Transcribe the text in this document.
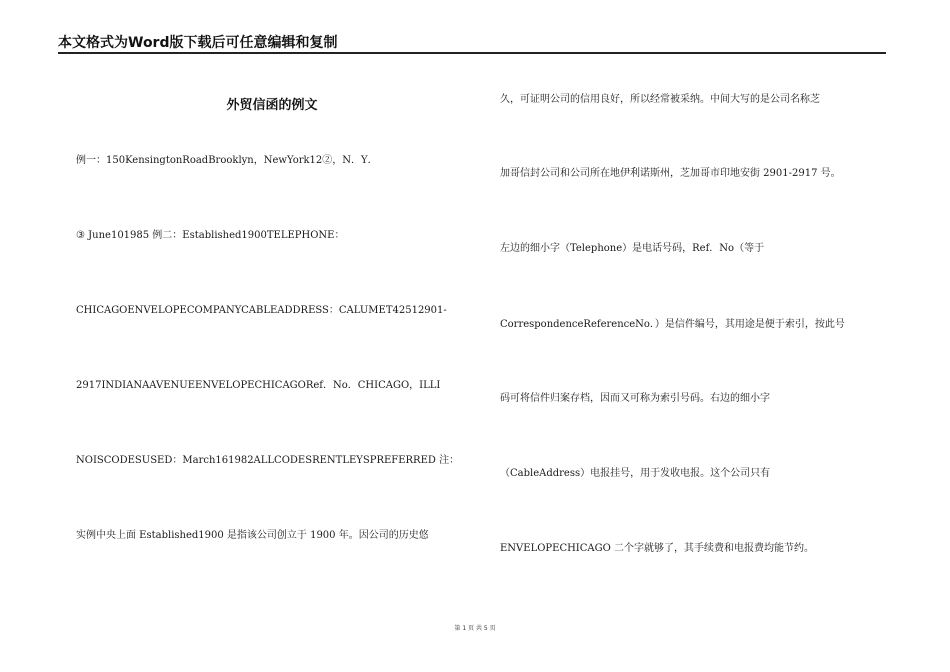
本文格式为Word版下载后可任意编辑和复制
外贸信函的例文
例一：150KensingtonRoadBrooklyn，NewYork12②，N．Y．
③ June101985 例二：Established1900TELEPHONE：
CHICAGOENVELOPECOMPANYCABLEADDRESS：CALUMET42512901-
2917INDIANAAVENUEENVELOPECHICAGORef．No．CHICAGO，ILLI
NOISCODESUSED：March161982ALLCODESRENTLEYSPREFERRED 注：
实例中央上面 Established1900 是指该公司创立于 1900 年。因公司的历史悠
久，可证明公司的信用良好，所以经常被采纳。中间大写的是公司名称芝
加哥信封公司和公司所在地伊利诺斯州，芝加哥市印地安街 2901-2917 号。
左边的细小字（Telephone）是电话号码，Ref．No（等于
CorrespondenceReferenceNo．）是信件编号，其用途是便于索引，按此号
码可将信件归案存档，因而又可称为索引号码。右边的细小字
（CableAddress）电报挂号，用于发收电报。这个公司只有
ENVELOPECHICAGO 二个字就够了，其手续费和电报费均能节约。
第 1 页 共 5 页
